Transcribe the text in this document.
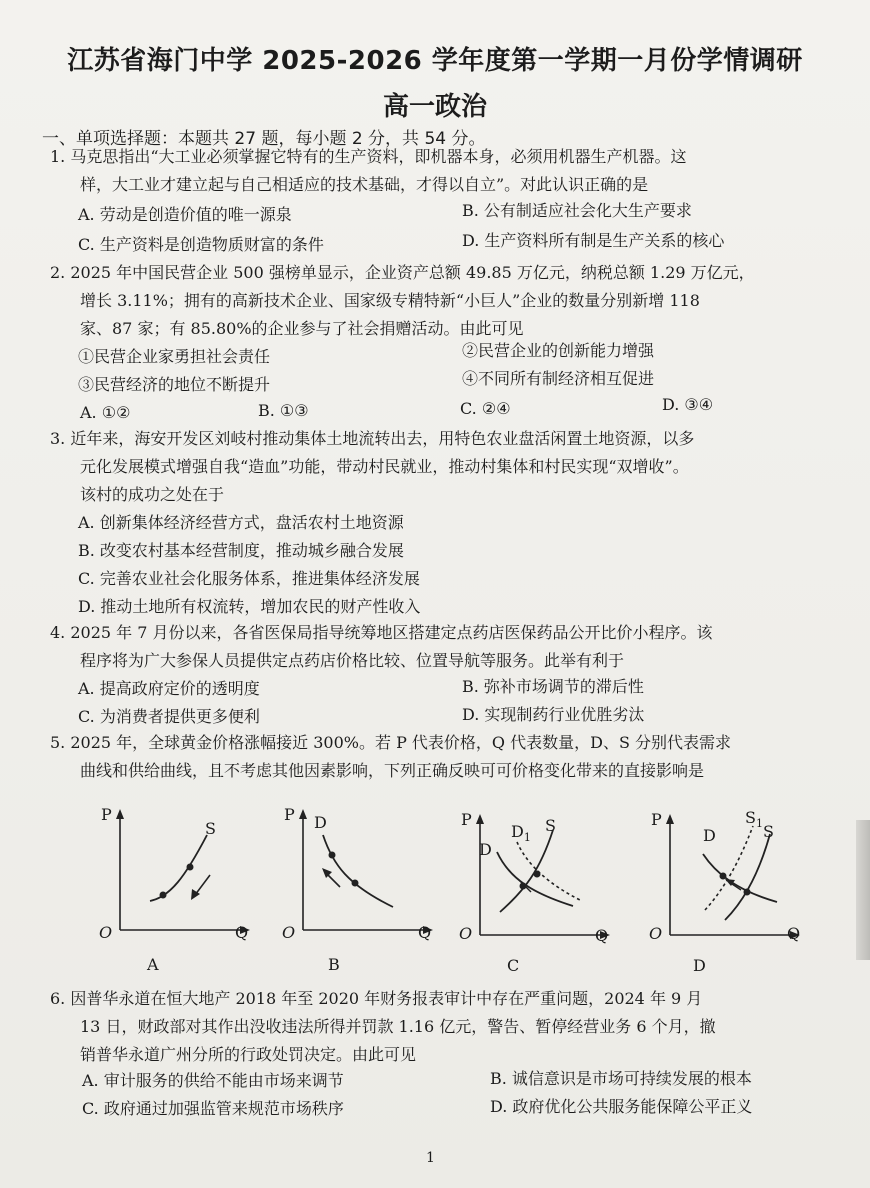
江苏省海门中学 2025-2026 学年度第一学期一月份学情调研
高一政治
一、单项选择题：本题共 27 题，每小题 2 分，共 54 分。
1. 马克思指出“大工业必须掌握它特有的生产资料，即机器本身，必须用机器生产机器。这
样，大工业才建立起与自己相适应的技术基础，才得以自立”。对此认识正确的是
A. 劳动是创造价值的唯一源泉	B. 公有制适应社会化大生产要求
C. 生产资料是创造物质财富的条件	D. 生产资料所有制是生产关系的核心
2. 2025 年中国民营企业 500 强榜单显示，企业资产总额 49.85 万亿元，纳税总额 1.29 万亿元，
增长 3.11%；拥有的高新技术企业、国家级专精特新“小巨人”企业的数量分别新增 118
家、87 家；有 85.80%的企业参与了社会捐赠活动。由此可见
①民营企业家勇担社会责任	②民营企业的创新能力增强
③民营经济的地位不断提升	④不同所有制经济相互促进
A. ①②	B. ①③	C. ②④	D. ③④
3. 近年来，海安开发区刘岐村推动集体土地流转出去，用特色农业盘活闲置土地资源，以多
元化发展模式增强自我“造血”功能，带动村民就业，推动村集体和村民实现“双增收”。
该村的成功之处在于
A. 创新集体经济经营方式，盘活农村土地资源
B. 改变农村基本经营制度，推动城乡融合发展
C. 完善农业社会化服务体系，推进集体经济发展
D. 推动土地所有权流转，增加农民的财产性收入
4. 2025 年 7 月份以来，各省医保局指导统筹地区搭建定点药店医保药品公开比价小程序。该
程序将为广大参保人员提供定点药店价格比较、位置导航等服务。此举有利于
A. 提高政府定价的透明度	B. 弥补市场调节的滞后性
C. 为消费者提供更多便利	D. 实现制药行业优胜劣汰
5. 2025 年，全球黄金价格涨幅接近 300%。若 P 代表价格，Q 代表数量，D、S 分别代表需求
曲线和供给曲线，且不考虑其他因素影响，下列正确反映可可价格变化带来的直接影响是
P
S
O	Q
A
P D
O	Q
B
P
D
$D_1$
S
O	Q
C
P
D
$S_1$ S
O	Q
D
6. 因普华永道在恒大地产 2018 年至 2020 年财务报表审计中存在严重问题，2024 年 9 月
13 日，财政部对其作出没收违法所得并罚款 1.16 亿元，警告、暂停经营业务 6 个月，撤
销普华永道广州分所的行政处罚决定。由此可见
A. 审计服务的供给不能由市场来调节	B. 诚信意识是市场可持续发展的根本
C. 政府通过加强监管来规范市场秩序	D. 政府优化公共服务能保障公平正义
1
